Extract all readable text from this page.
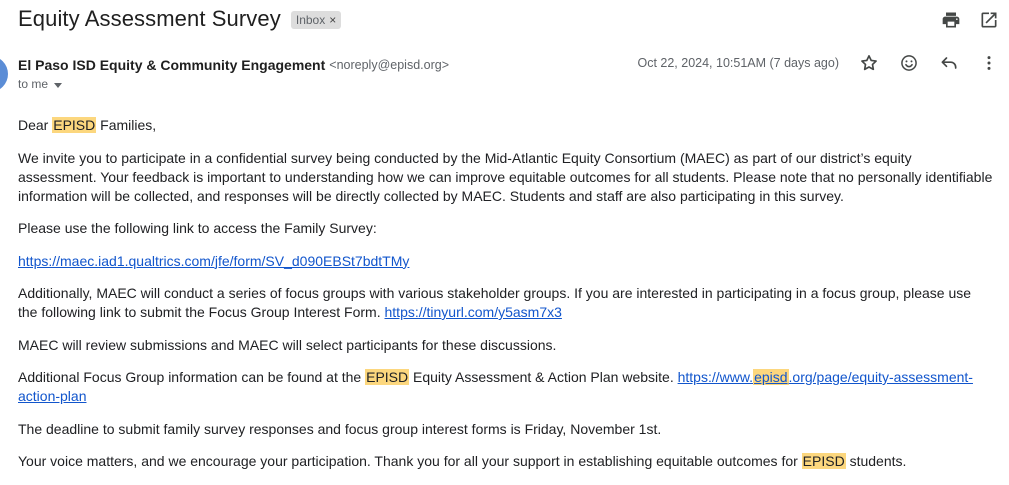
Equity Assessment Survey Inbox ×
El Paso ISD Equity & Community Engagement <noreply@episd.org>	Oct 22, 2024, 10:51AM (7 days ago)
to me

Dear EPISD Families,

We invite you to participate in a confidential survey being conducted by the Mid-Atlantic Equity Consortium (MAEC) as part of our district’s equity assessment. Your feedback is important to understanding how we can improve equitable outcomes for all students. Please note that no personally identifiable information will be collected, and responses will be directly collected by MAEC. Students and staff are also participating in this survey.

Please use the following link to access the Family Survey:

https://maec.iad1.qualtrics.com/jfe/form/SV_d090EBSt7bdtTMy

Additionally, MAEC will conduct a series of focus groups with various stakeholder groups. If you are interested in participating in a focus group, please use the following link to submit the Focus Group Interest Form. https://tinyurl.com/y5asm7x3

MAEC will review submissions and MAEC will select participants for these discussions.

Additional Focus Group information can be found at the EPISD Equity Assessment & Action Plan website. https://www.episd.org/page/equity-assessment-action-plan

The deadline to submit family survey responses and focus group interest forms is Friday, November 1st.

Your voice matters, and we encourage your participation. Thank you for all your support in establishing equitable outcomes for EPISD students.
